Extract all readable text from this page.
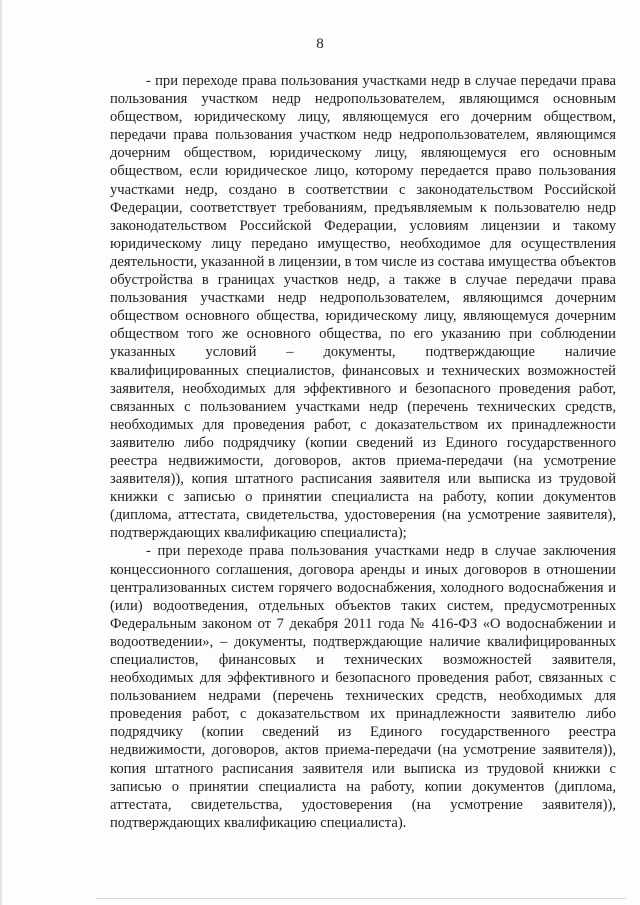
8

- при переходе права пользования участками недр в случае передачи права пользования участком недр недропользователем, являющимся основным обществом, юридическому лицу, являющемуся его дочерним обществом, передачи права пользования участком недр недропользователем, являющимся дочерним обществом, юридическому лицу, являющемуся его основным обществом, если юридическое лицо, которому передается право пользования участками недр, создано в соответствии с законодательством Российской Федерации, соответствует требованиям, предъявляемым к пользователю недр законодательством Российской Федерации, условиям лицензии и такому юридическому лицу передано имущество, необходимое для осуществления деятельности, указанной в лицензии, в том числе из состава имущества объектов обустройства в границах участков недр, а также в случае передачи права пользования участками недр недропользователем, являющимся дочерним обществом основного общества, юридическому лицу, являющемуся дочерним обществом того же основного общества, по его указанию при соблюдении указанных условий – документы, подтверждающие наличие квалифицированных специалистов, финансовых и технических возможностей заявителя, необходимых для эффективного и безопасного проведения работ, связанных с пользованием участками недр (перечень технических средств, необходимых для проведения работ, с доказательством их принадлежности заявителю либо подрядчику (копии сведений из Единого государственного реестра недвижимости, договоров, актов приема-передачи (на усмотрение заявителя)), копия штатного расписания заявителя или выписка из трудовой книжки с записью о принятии специалиста на работу, копии документов (диплома, аттестата, свидетельства, удостоверения (на усмотрение заявителя), подтверждающих квалификацию специалиста);

- при переходе права пользования участками недр в случае заключения концессионного соглашения, договора аренды и иных договоров в отношении централизованных систем горячего водоснабжения, холодного водоснабжения и (или) водоотведения, отдельных объектов таких систем, предусмотренных Федеральным законом от 7 декабря 2011 года № 416-ФЗ «О водоснабжении и водоотведении», – документы, подтверждающие наличие квалифицированных специалистов, финансовых и технических возможностей заявителя, необходимых для эффективного и безопасного проведения работ, связанных с пользованием недрами (перечень технических средств, необходимых для проведения работ, с доказательством их принадлежности заявителю либо подрядчику (копии сведений из Единого государственного реестра недвижимости, договоров, актов приема-передачи (на усмотрение заявителя)), копия штатного расписания заявителя или выписка из трудовой книжки с записью о принятии специалиста на работу, копии документов (диплома, аттестата, свидетельства, удостоверения (на усмотрение заявителя)), подтверждающих квалификацию специалиста).
